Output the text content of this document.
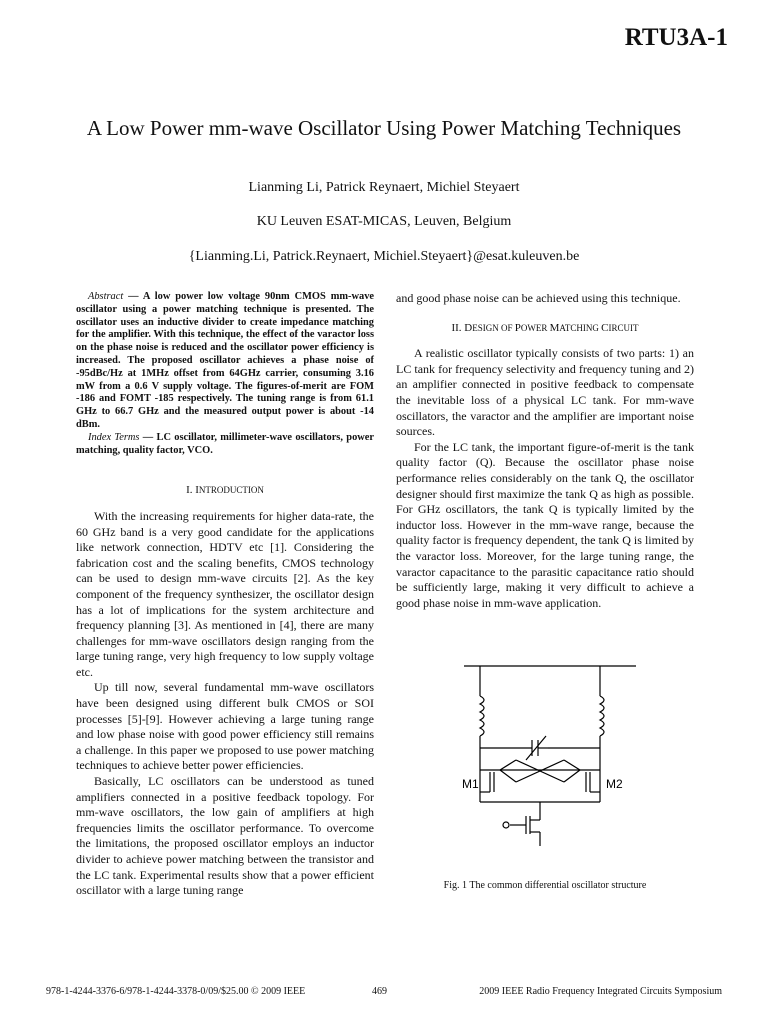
RTU3A-1
A Low Power mm-wave Oscillator Using Power Matching Techniques
Lianming Li, Patrick Reynaert, Michiel Steyaert
KU Leuven ESAT-MICAS, Leuven, Belgium
{Lianming.Li, Patrick.Reynaert, Michiel.Steyaert}@esat.kuleuven.be

Abstract — A low power low voltage 90nm CMOS mm-wave oscillator using a power matching technique is presented. The oscillator uses an inductive divider to create impedance matching for the amplifier. With this technique, the effect of the varactor loss on the phase noise is reduced and the oscillator power efficiency is increased. The proposed oscillator achieves a phase noise of -95dBc/Hz at 1MHz offset from 64GHz carrier, consuming 3.16 mW from a 0.6 V supply voltage. The figures-of-merit are FOM -186 and FOMT -185 respectively. The tuning range is from 61.1 GHz to 66.7 GHz and the measured output power is about -14 dBm.

Index Terms — LC oscillator, millimeter-wave oscillators, power matching, quality factor, VCO.

I. INTRODUCTION

With the increasing requirements for higher data-rate, the 60 GHz band is a very good candidate for the applications like network connection, HDTV etc [1]. Considering the fabrication cost and the scaling benefits, CMOS technology can be used to design mm-wave circuits [2]. As the key component of the frequency synthesizer, the oscillator design has a lot of implications for the system architecture and frequency planning [3]. As mentioned in [4], there are many challenges for mm-wave oscillators design ranging from the large tuning range, very high frequency to low supply voltage etc.

Up till now, several fundamental mm-wave oscillators have been designed using different bulk CMOS or SOI processes [5]-[9]. However achieving a large tuning range and low phase noise with good power efficiency still remains a challenge. In this paper we proposed to use power matching techniques to achieve better power efficiencies.

Basically, LC oscillators can be understood as tuned amplifiers connected in a positive feedback topology. For mm-wave oscillators, the low gain of amplifiers at high frequencies limits the oscillator performance. To overcome the limitations, the proposed oscillator employs an inductor divider to achieve power matching between the transistor and the LC tank. Experimental results show that a power efficient oscillator with a large tuning range

and good phase noise can be achieved using this technique.

II. DESIGN OF POWER MATCHING CIRCUIT

A realistic oscillator typically consists of two parts: 1) an LC tank for frequency selectivity and frequency tuning and 2) an amplifier connected in positive feedback to compensate the inevitable loss of a physical LC tank. For mm-wave oscillators, the varactor and the amplifier are important noise sources.

For the LC tank, the important figure-of-merit is the tank quality factor (Q). Because the oscillator phase noise performance relies considerably on the tank Q, the oscillator designer should first maximize the tank Q as high as possible. For GHz oscillators, the tank Q is typically limited by the inductor loss. However in the mm-wave range, because the quality factor is frequency dependent, the tank Q is limited by the varactor loss. Moreover, for the large tuning range, the varactor capacitance to the parasitic capacitance ratio should be sufficiently large, making it very difficult to achieve a good phase noise in mm-wave application.

M1	M2
Fig. 1 The common differential oscillator structure
978-1-4244-3376-6/978-1-4244-3378-0/09/$25.00 © 2009 IEEE	469	2009 IEEE Radio Frequency Integrated Circuits Symposium
